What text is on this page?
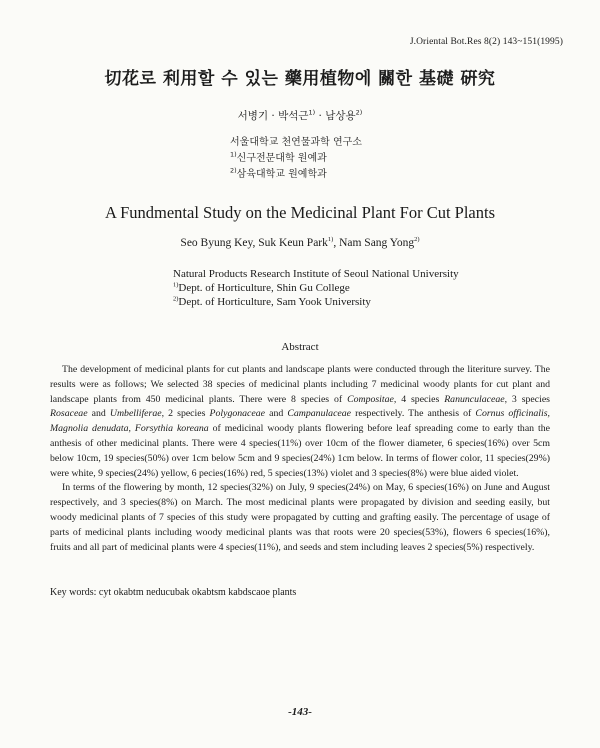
J.Oriental Bot.Res 8(2) 143~151(1995)
切花로 利用할 수 있는 藥用植物에 關한 基礎 硏究
서병기 · 박석근$^{1)}$ · 남상용$^{2)}$
서울대학교 천연물과학 연구소
$^{1)}$신구전문대학 원예과
$^{2)}$삼육대학교 원예학과
A Fundmental Study on the Medicinal Plant For Cut Plants
Seo Byung Key, Suk Keun Park$^{1)}$, Nam Sang Yong$^{2)}$
Natural Products Research Institute of Seoul National University
$^{1)}$Dept. of Horticulture, Shin Gu College
$^{2)}$Dept. of Horticulture, Sam Yook University
Abstract

The development of medicinal plants for cut plants and landscape plants were conducted through the literiture survey. The results were as follows; We selected 38 species of medicinal plants including 7 medicinal woody plants for cut plant and landscape plants from 450 medicinal plants. There were 8 species of Compositae, 4 species Ranunculaceae, 3 species Rosaceae and Umbelliferae, 2 species Polygonaceae and Campanulaceae respectively. The anthesis of Cornus officinalis, Magnolia denudata, Forsythia koreana of medicinal woody plants flowering before leaf spreading come to early than the anthesis of other medicinal plants. There were 4 species(11%) over 10cm of the flower diameter, 6 species(16%) over 5cm below 10cm, 19 species(50%) over 1cm below 5cm and 9 species(24%) 1cm below. In terms of flower color, 11 species(29%) were white, 9 species(24%) yellow, 6 pecies(16%) red, 5 species(13%) violet and 3 species(8%) were blue aided violet.

In terms of the flowering by month, 12 species(32%) on July, 9 species(24%) on May, 6 species(16%) on June and August respectively, and 3 species(8%) on March. The most medicinal plants were propagated by division and seeding easily, but woody medicinal plants of 7 species of this study were propagated by cutting and grafting easily. The percentage of usage of parts of medicinal plants including woody medicinal plants was that roots were 20 species(53%), flowers 6 species(16%), fruits and all part of medicinal plants were 4 species(11%), and seeds and stem including leaves 2 species(5%) respectively.

Key words: cyt okabtm neducubak okabtsm kabdscaoe plants
-143-
